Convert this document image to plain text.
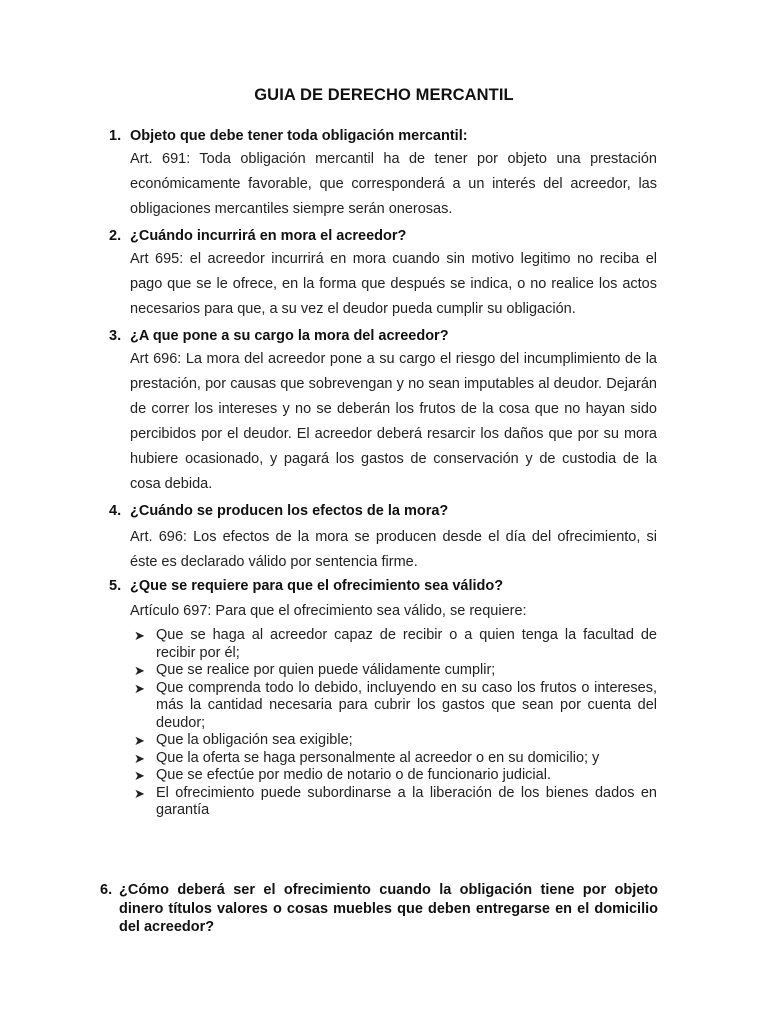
GUIA DE DERECHO MERCANTIL
1. Objeto que debe tener toda obligación mercantil:
Art. 691: Toda obligación mercantil ha de tener por objeto una prestación económicamente favorable, que corresponderá a un interés del acreedor, las obligaciones mercantiles siempre serán onerosas.
2. ¿Cuándo incurrirá en mora el acreedor?
Art 695: el acreedor incurrirá en mora cuando sin motivo legitimo no reciba el pago que se le ofrece, en la forma que después se indica, o no realice los actos necesarios para que, a su vez el deudor pueda cumplir su obligación.
3. ¿A que pone a su cargo la mora del acreedor?
Art 696: La mora del acreedor pone a su cargo el riesgo del incumplimiento de la prestación, por causas que sobrevengan y no sean imputables al deudor. Dejarán de correr los intereses y no se deberán los frutos de la cosa que no hayan sido percibidos por el deudor. El acreedor deberá resarcir los daños que por su mora hubiere ocasionado, y pagará los gastos de conservación y de custodia de la cosa debida.
4. ¿Cuándo se producen los efectos de la mora?
Art. 696: Los efectos de la mora se producen desde el día del ofrecimiento, si éste es declarado válido por sentencia firme.
5. ¿Que se requiere para que el ofrecimiento sea válido?
Artículo 697: Para que el ofrecimiento sea válido, se requiere:
➤ Que se haga al acreedor capaz de recibir o a quien tenga la facultad de recibir por él;
➤ Que se realice por quien puede válidamente cumplir;
➤ Que comprenda todo lo debido, incluyendo en su caso los frutos o intereses, más la cantidad necesaria para cubrir los gastos que sean por cuenta del deudor;
➤ Que la obligación sea exigible;
➤ Que la oferta se haga personalmente al acreedor o en su domicilio; y
➤ Que se efectúe por medio de notario o de funcionario judicial.
➤ El ofrecimiento puede subordinarse a la liberación de los bienes dados en garantía
6. ¿Cómo deberá ser el ofrecimiento cuando la obligación tiene por objeto dinero títulos valores o cosas muebles que deben entregarse en el domicilio del acreedor?
